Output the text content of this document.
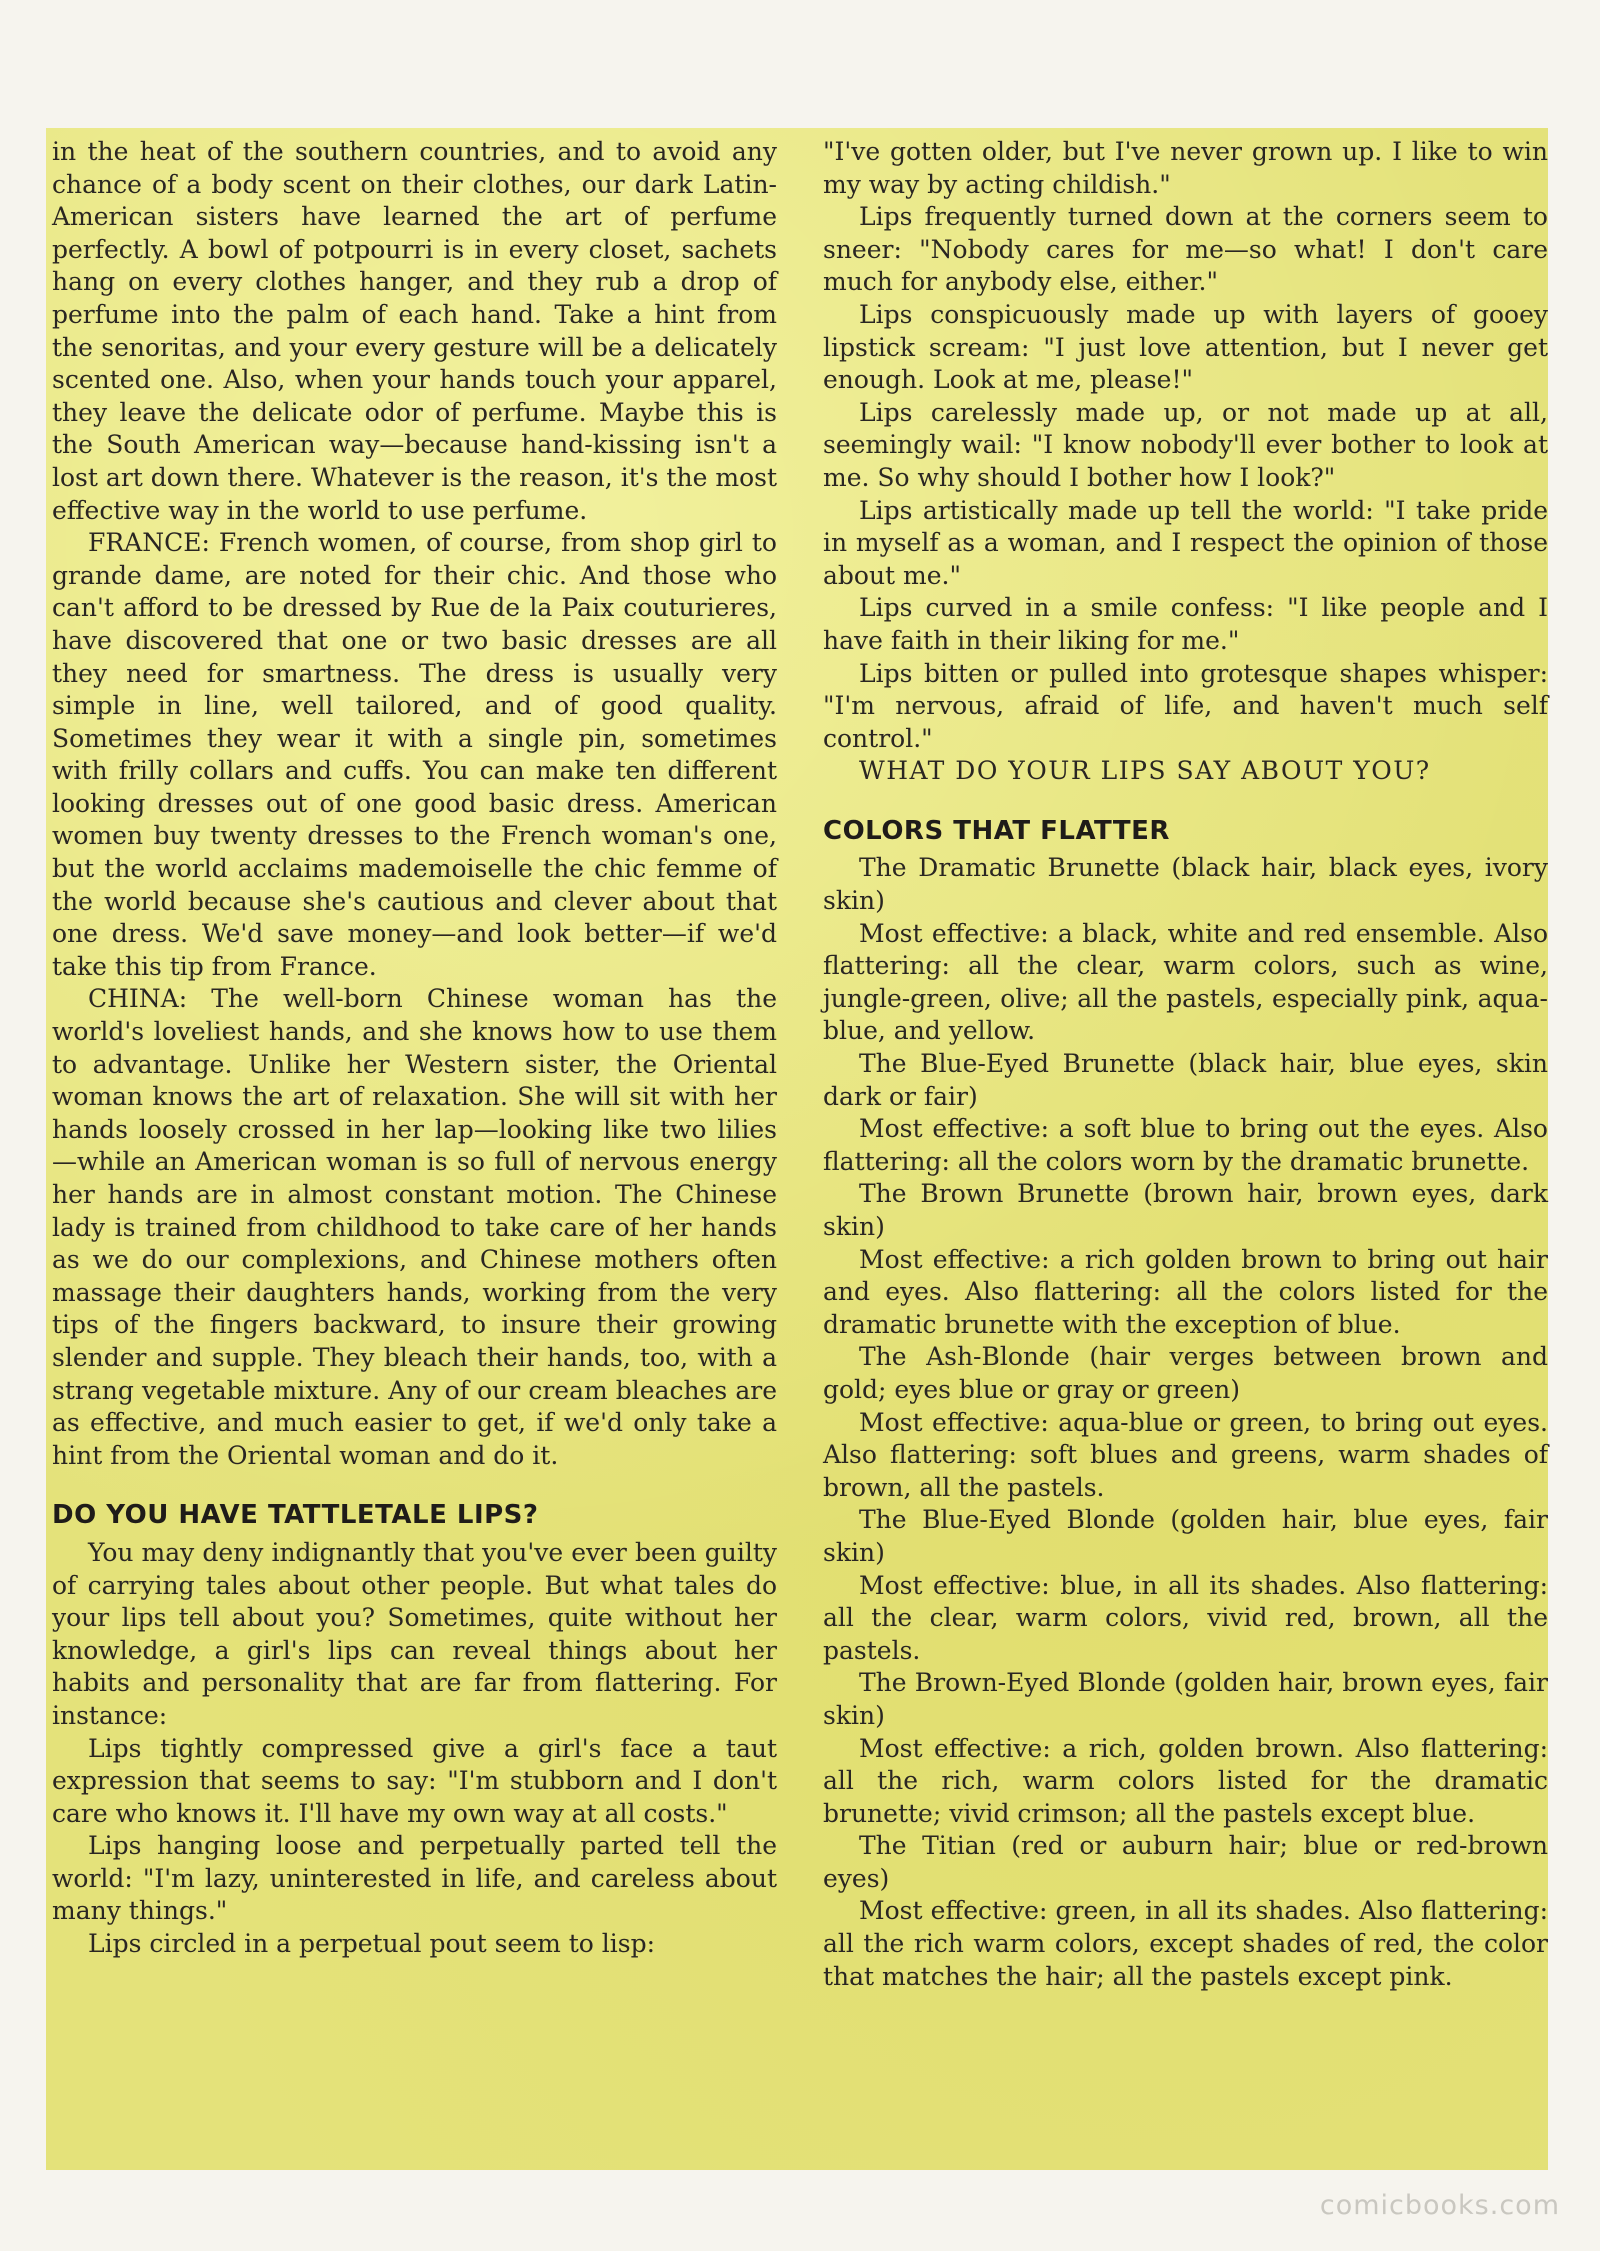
in the heat of the southern countries, and to avoid any chance of a body scent on their clothes, our dark Latin-American sisters have learned the art of perfume perfectly. A bowl of potpourri is in every closet, sachets hang on every clothes hanger, and they rub a drop of perfume into the palm of each hand. Take a hint from the senoritas, and your every gesture will be a delicately scented one. Also, when your hands touch your apparel, they leave the delicate odor of perfume. Maybe this is the South American way—because hand-kissing isn't a lost art down there. Whatever is the reason, it's the most effective way in the world to use perfume.

FRANCE: French women, of course, from shop girl to grande dame, are noted for their chic. And those who can't afford to be dressed by Rue de la Paix couturieres, have discovered that one or two basic dresses are all they need for smartness. The dress is usually very simple in line, well tailored, and of good quality. Sometimes they wear it with a single pin, sometimes with frilly collars and cuffs. You can make ten different looking dresses out of one good basic dress. American women buy twenty dresses to the French woman's one, but the world acclaims mademoiselle the chic femme of the world because she's cautious and clever about that one dress. We'd save money—and look better—if we'd take this tip from France.

CHINA: The well-born Chinese woman has the world's loveliest hands, and she knows how to use them to advantage. Unlike her Western sister, the Oriental woman knows the art of relaxation. She will sit with her hands loosely crossed in her lap—looking like two lilies—while an American woman is so full of nervous energy her hands are in almost constant motion. The Chinese lady is trained from childhood to take care of her hands as we do our complexions, and Chinese mothers often massage their daughters hands, working from the very tips of the fingers backward, to insure their growing slender and supple. They bleach their hands, too, with a strang vegetable mixture. Any of our cream bleaches are as effective, and much easier to get, if we'd only take a hint from the Oriental woman and do it.

DO YOU HAVE TATTLETALE LIPS?

You may deny indignantly that you've ever been guilty of carrying tales about other people. But what tales do your lips tell about you? Sometimes, quite without her knowledge, a girl's lips can reveal things about her habits and personality that are far from flattering. For instance:

Lips tightly compressed give a girl's face a taut expression that seems to say: "I'm stubborn and I don't care who knows it. I'll have my own way at all costs."

Lips hanging loose and perpetually parted tell the world: "I'm lazy, uninterested in life, and careless about many things."

Lips circled in a perpetual pout seem to lisp:

"I've gotten older, but I've never grown up. I like to win my way by acting childish."

Lips frequently turned down at the corners seem to sneer: "Nobody cares for me—so what! I don't care much for anybody else, either."

Lips conspicuously made up with layers of gooey lipstick scream: "I just love attention, but I never get enough. Look at me, please!"

Lips carelessly made up, or not made up at all, seemingly wail: "I know nobody'll ever bother to look at me. So why should I bother how I look?"

Lips artistically made up tell the world: "I take pride in myself as a woman, and I respect the opinion of those about me."

Lips curved in a smile confess: "I like people and I have faith in their liking for me."

Lips bitten or pulled into grotesque shapes whisper: "I'm nervous, afraid of life, and haven't much self control."

WHAT DO YOUR LIPS SAY ABOUT YOU?

COLORS THAT FLATTER

The Dramatic Brunette (black hair, black eyes, ivory skin)

Most effective: a black, white and red ensemble. Also flattering: all the clear, warm colors, such as wine, jungle-green, olive; all the pastels, especially pink, aqua-blue, and yellow.

The Blue-Eyed Brunette (black hair, blue eyes, skin dark or fair)

Most effective: a soft blue to bring out the eyes. Also flattering: all the colors worn by the dramatic brunette.

The Brown Brunette (brown hair, brown eyes, dark skin)

Most effective: a rich golden brown to bring out hair and eyes. Also flattering: all the colors listed for the dramatic brunette with the exception of blue.

The Ash-Blonde (hair verges between brown and gold; eyes blue or gray or green)

Most effective: aqua-blue or green, to bring out eyes. Also flattering: soft blues and greens, warm shades of brown, all the pastels.

The Blue-Eyed Blonde (golden hair, blue eyes, fair skin)

Most effective: blue, in all its shades. Also flattering: all the clear, warm colors, vivid red, brown, all the pastels.

The Brown-Eyed Blonde (golden hair, brown eyes, fair skin)

Most effective: a rich, golden brown. Also flattering: all the rich, warm colors listed for the dramatic brunette; vivid crimson; all the pastels except blue.

The Titian (red or auburn hair; blue or red-brown eyes)

Most effective: green, in all its shades. Also flattering: all the rich warm colors, except shades of red, the color that matches the hair; all the pastels except pink.

comicbooks.com
